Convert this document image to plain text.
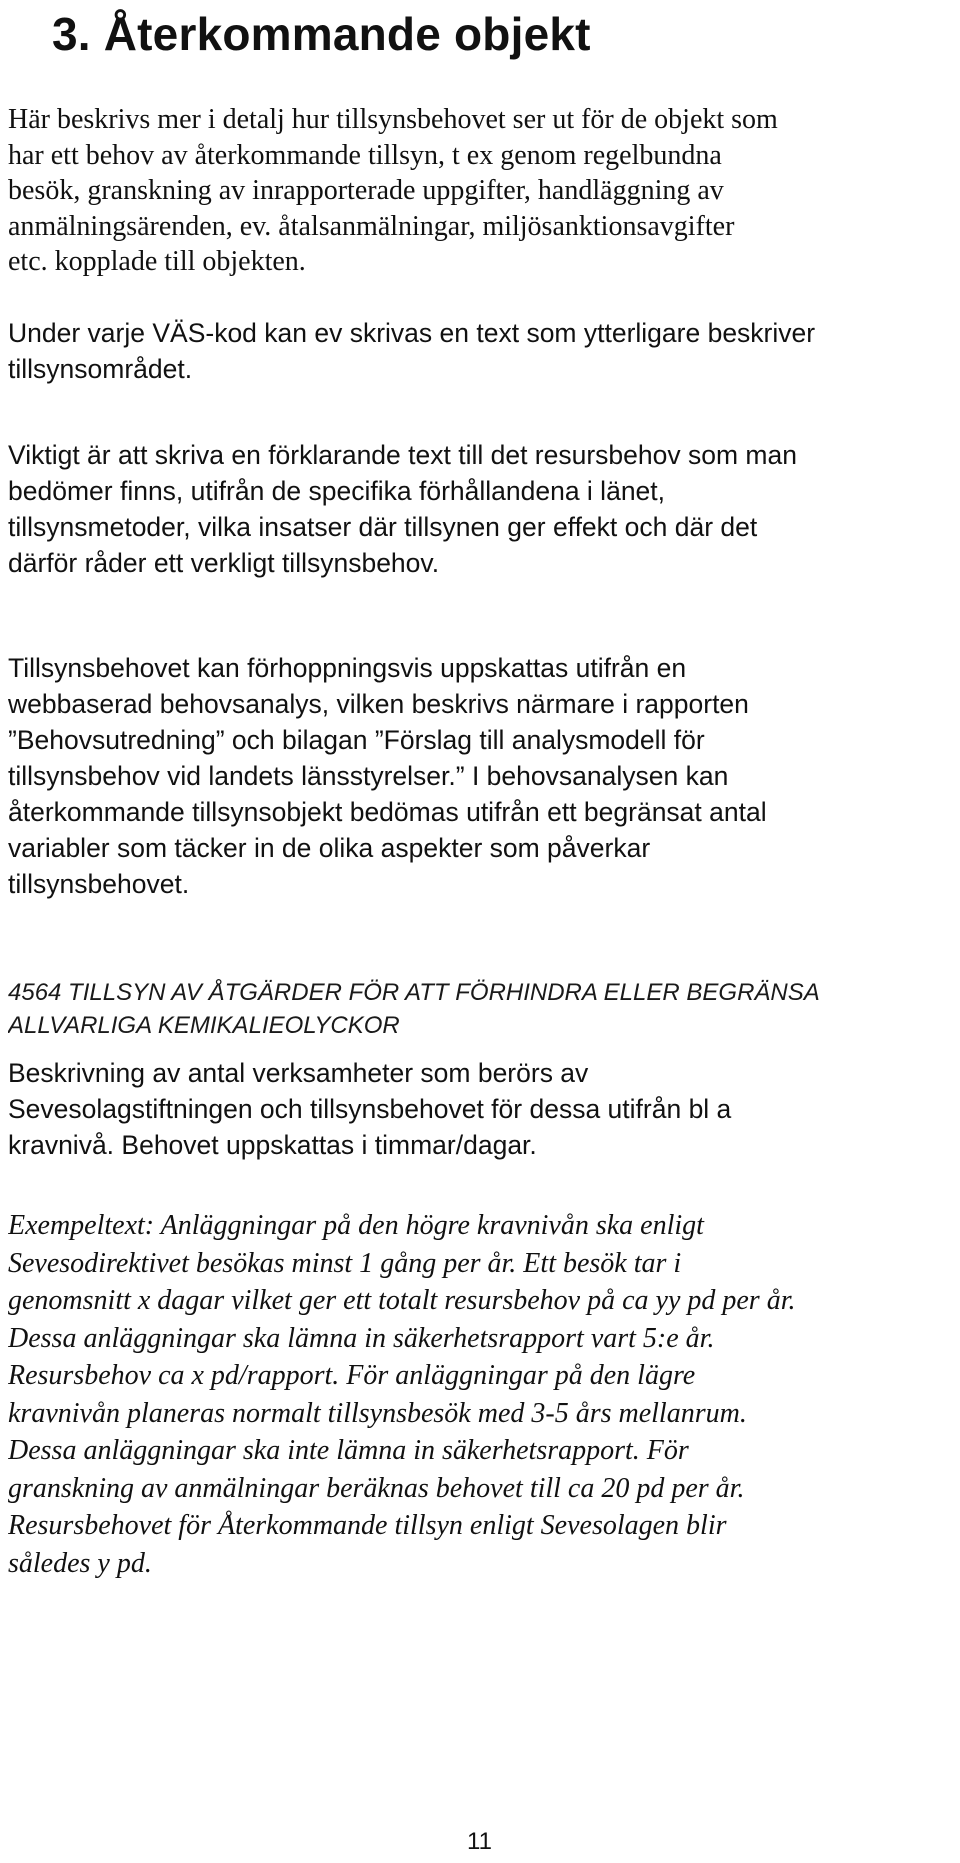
3. Återkommande objekt

Här beskrivs mer i detalj hur tillsynsbehovet ser ut för de objekt som
har ett behov av återkommande tillsyn, t ex genom regelbundna
besök, granskning av inrapporterade uppgifter, handläggning av
anmälningsärenden, ev. åtalsanmälningar, miljösanktionsavgifter
etc. kopplade till objekten.

Under varje VÄS-kod kan ev skrivas en text som ytterligare beskriver
tillsynsområdet.

Viktigt är att skriva en förklarande text till det resursbehov som man
bedömer finns, utifrån de specifika förhållandena i länet,
tillsynsmetoder, vilka insatser där tillsynen ger effekt och där det
därför råder ett verkligt tillsynsbehov.

Tillsynsbehovet kan förhoppningsvis uppskattas utifrån en
webbaserad behovsanalys, vilken beskrivs närmare i rapporten
”Behovsutredning” och bilagan ”Förslag till analysmodell för
tillsynsbehov vid landets länsstyrelser.” I behovsanalysen kan
återkommande tillsynsobjekt bedömas utifrån ett begränsat antal
variabler som täcker in de olika aspekter som påverkar
tillsynsbehovet.

4564 TILLSYN AV ÅTGÄRDER FÖR ATT FÖRHINDRA ELLER BEGRÄNSA
ALLVARLIGA KEMIKALIEOLYCKOR

Beskrivning av antal verksamheter som berörs av
Sevesolagstiftningen och tillsynsbehovet för dessa utifrån bl a
kravnivå. Behovet uppskattas i timmar/dagar.

Exempeltext: Anläggningar på den högre kravnivån ska enligt
Sevesodirektivet besökas minst 1 gång per år. Ett besök tar i
genomsnitt x dagar vilket ger ett totalt resursbehov på ca yy pd per år.
Dessa anläggningar ska lämna in säkerhetsrapport vart 5:e år.
Resursbehov ca x pd/rapport. För anläggningar på den lägre
kravnivån planeras normalt tillsynsbesök med 3-5 års mellanrum.
Dessa anläggningar ska inte lämna in säkerhetsrapport. För
granskning av anmälningar beräknas behovet till ca 20 pd per år.
Resursbehovet för Återkommande tillsyn enligt Sevesolagen blir
således y pd.

11
